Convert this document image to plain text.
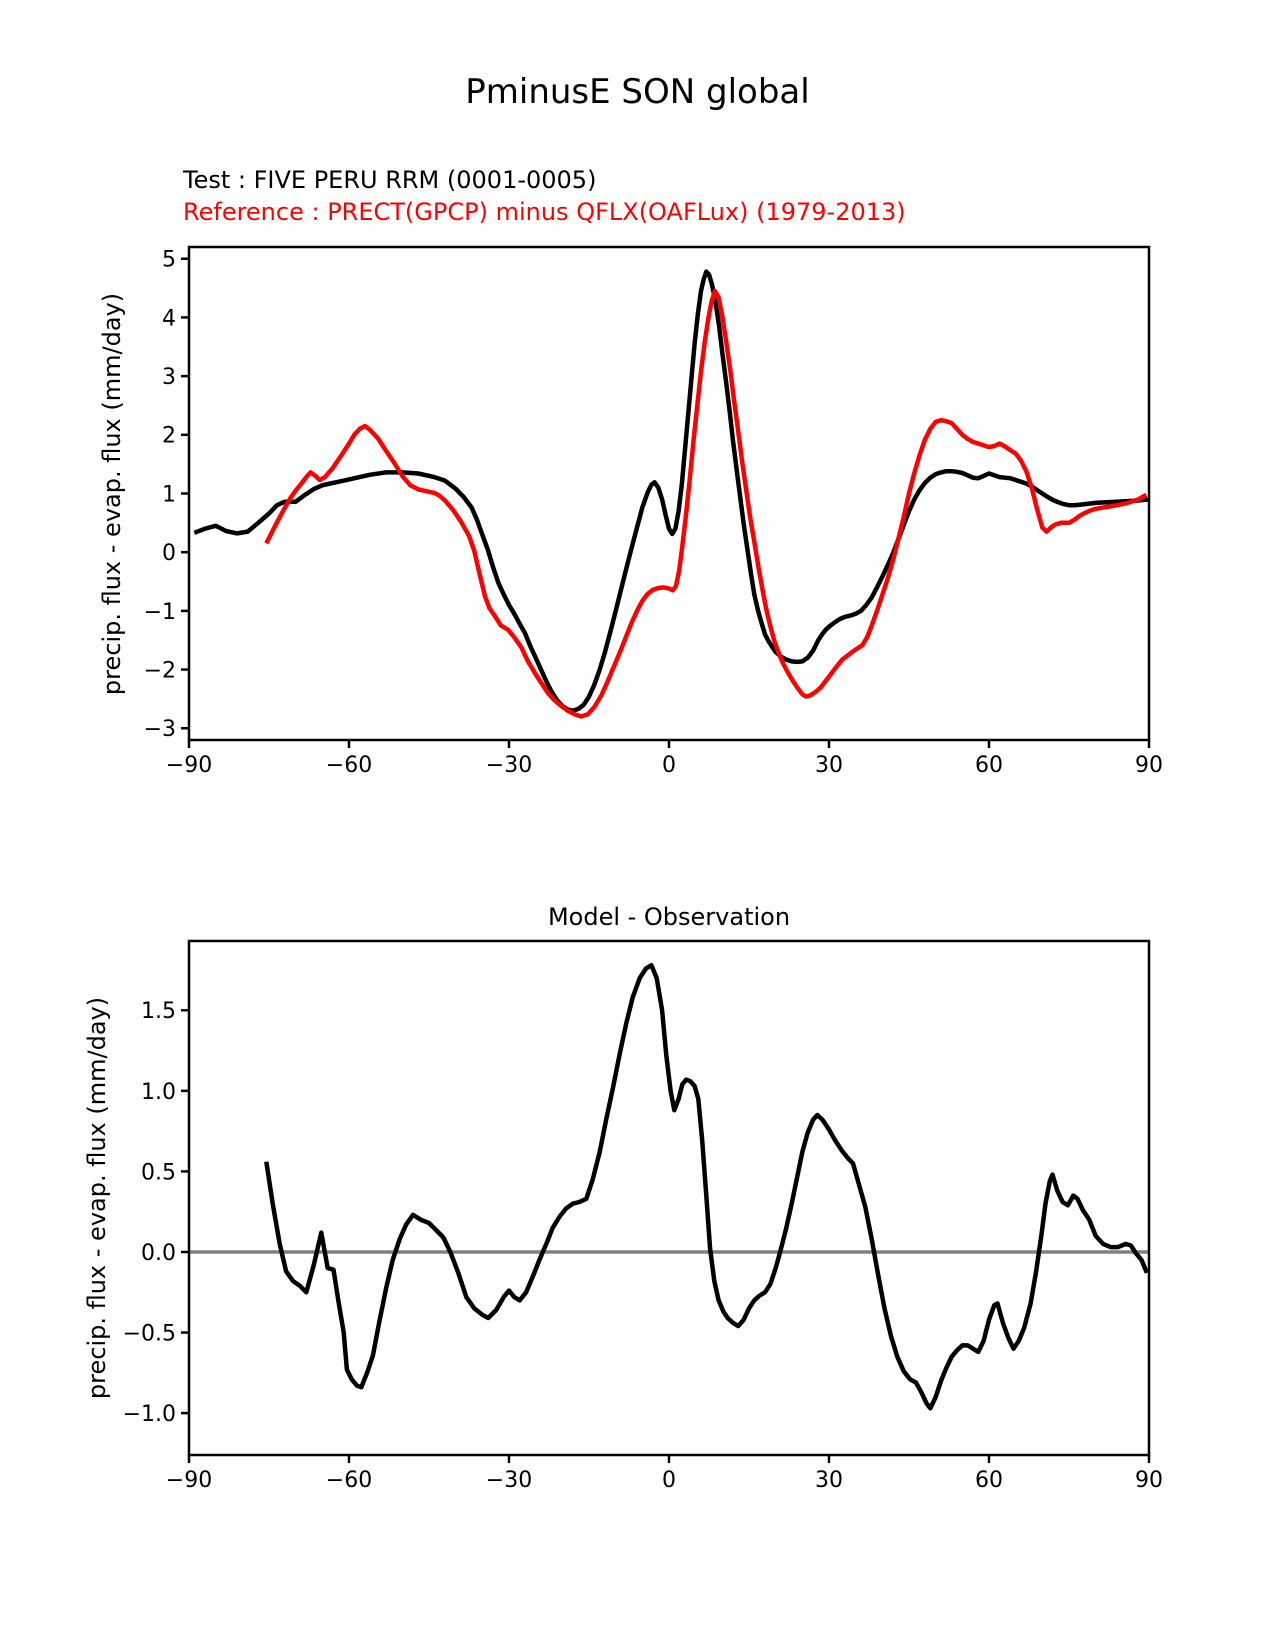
PminusE SON global
Test : FIVE PERU RRM (0001-0005)
Reference : PRECT(GPCP) minus QFLX(OAFLux) (1979-2013)
precip. flux - evap. flux (mm/day)
Model - Observation
precip. flux - evap. flux (mm/day)
−90	−60	−30	0	30	60	90
5
4
3
2
1
0
−1
−2
−3
−90	−60	−30	0	30	60	90
1.5
1.0
0.5
0.0
−0.5
−1.0
